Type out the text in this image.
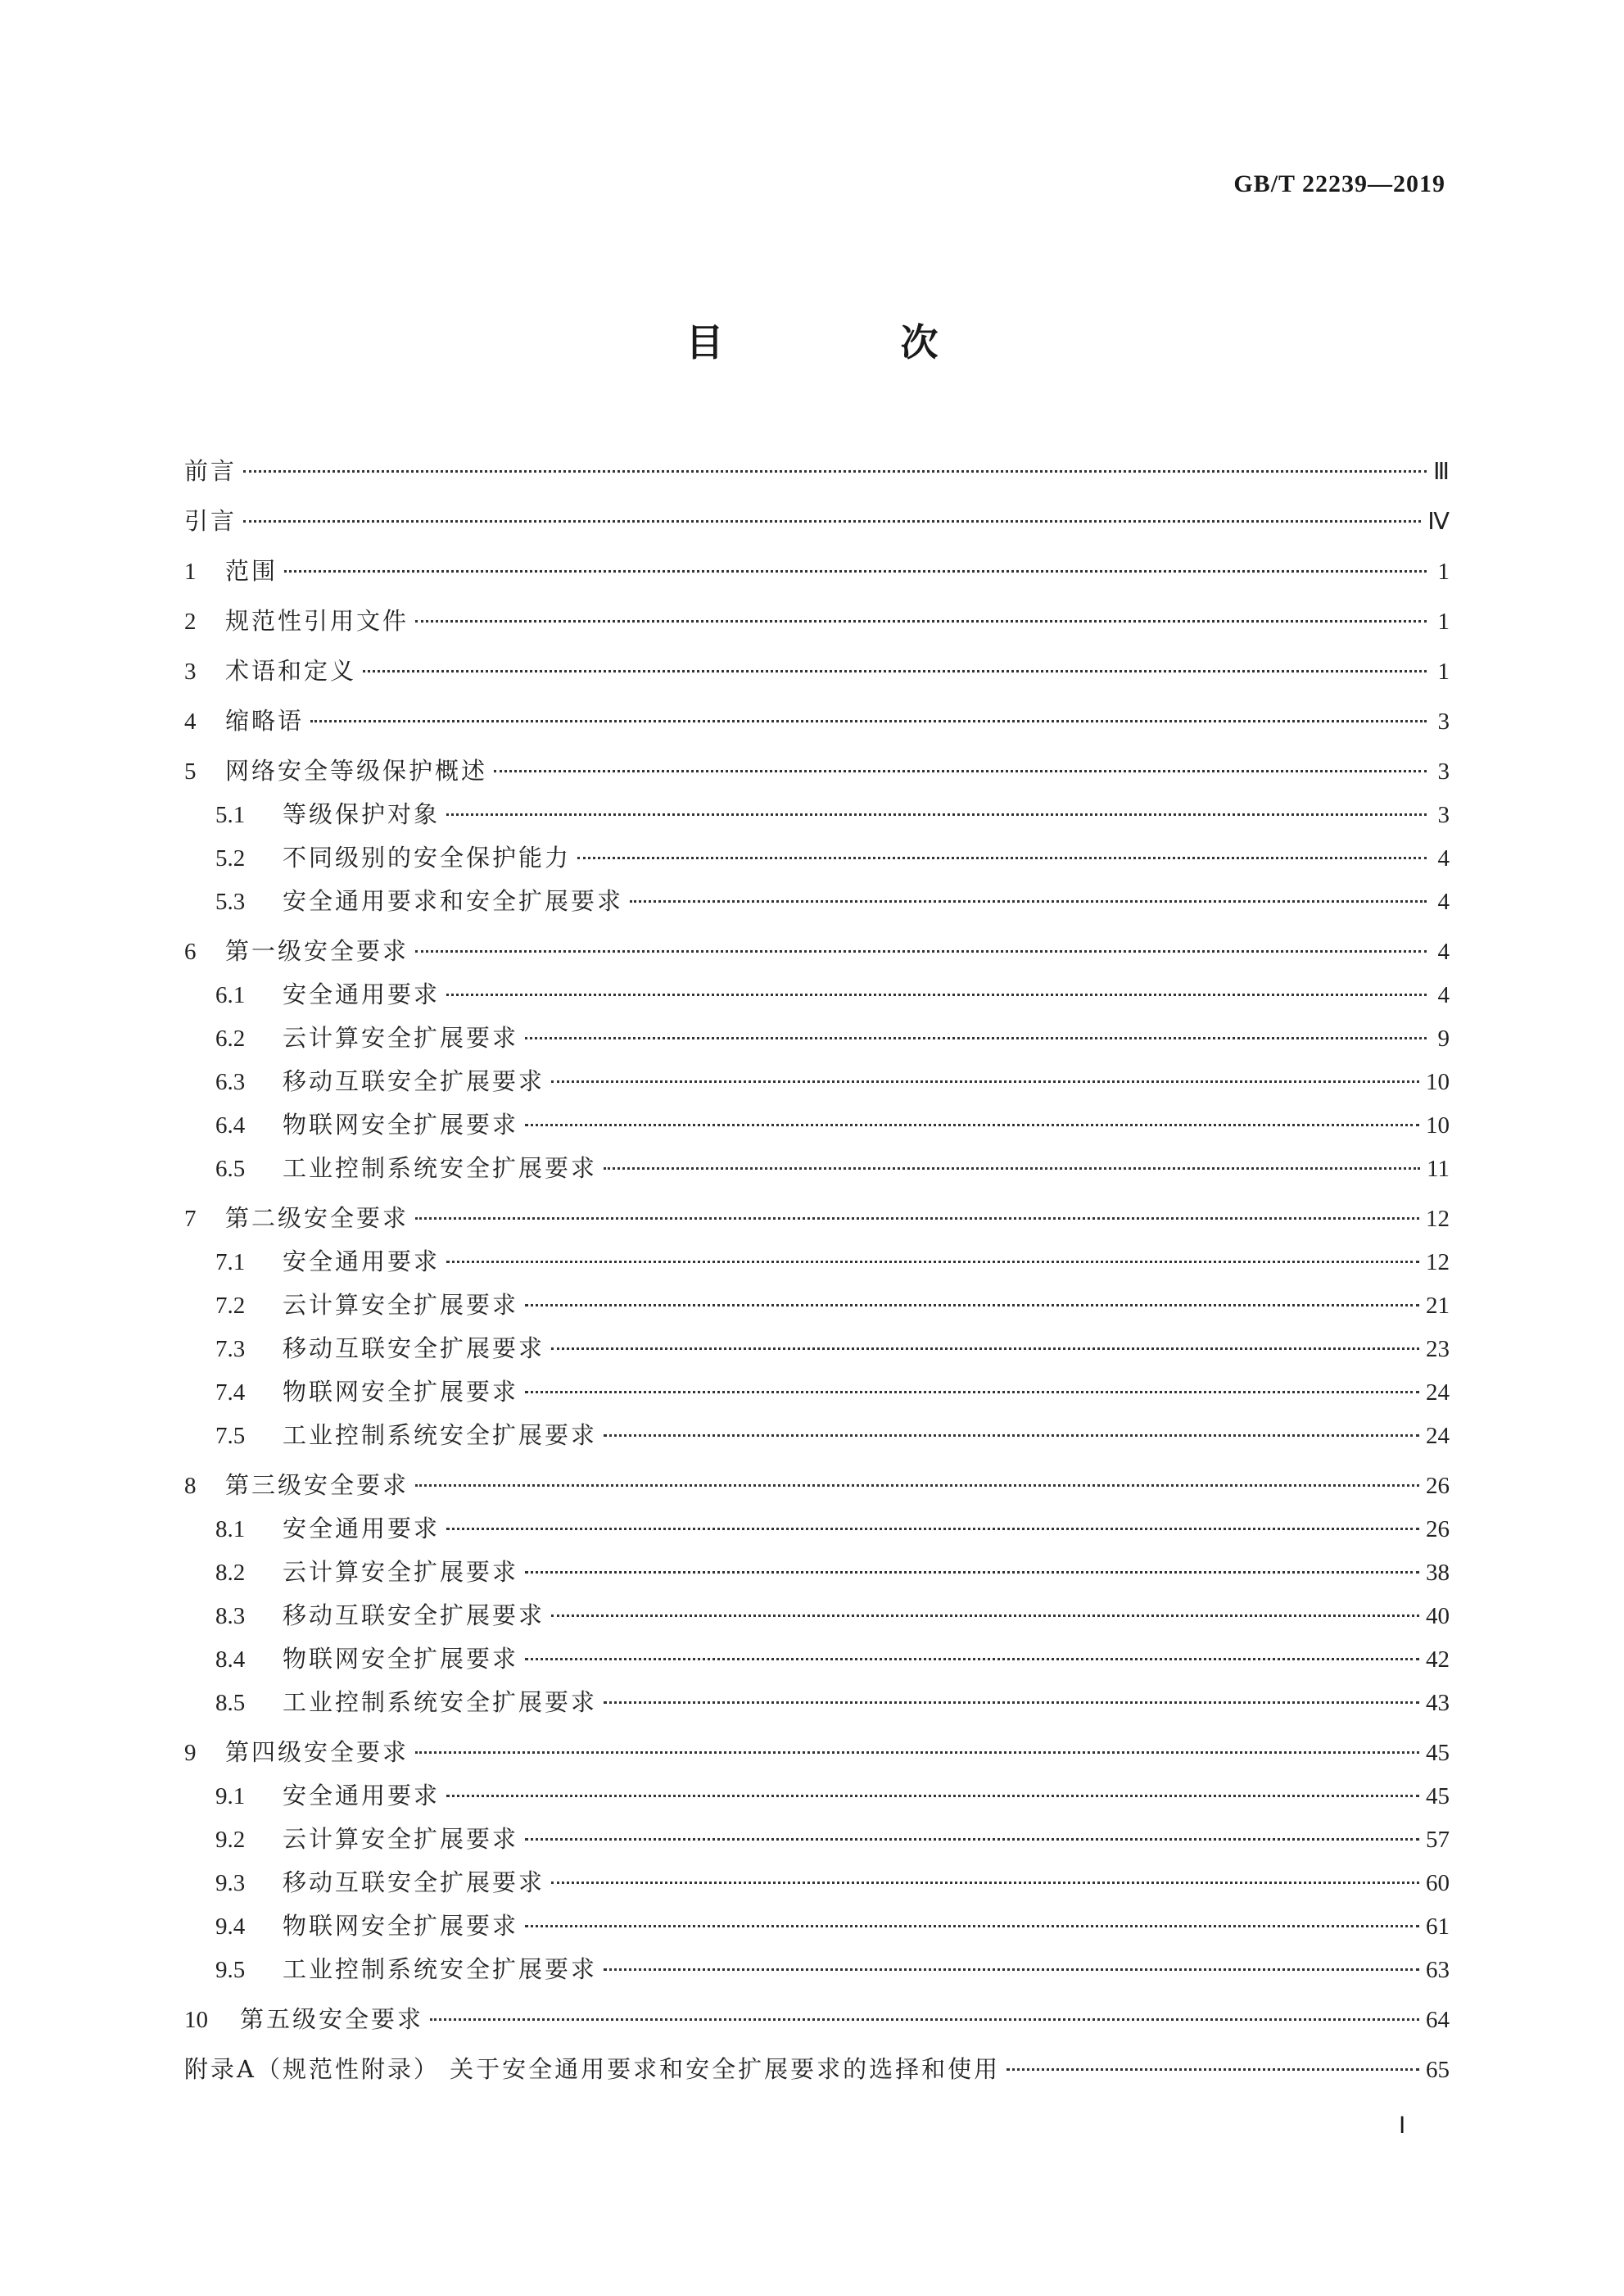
GB/T 22239—2019
目 次
前言	Ⅲ
引言	Ⅳ
1	范围	1
2	规范性引用文件	1
3	术语和定义	1
4	缩略语	3
5	网络安全等级保护概述	3
5.1	等级保护对象	3
5.2	不同级别的安全保护能力	4
5.3	安全通用要求和安全扩展要求	4
6	第一级安全要求	4
6.1	安全通用要求	4
6.2	云计算安全扩展要求	9
6.3	移动互联安全扩展要求	10
6.4	物联网安全扩展要求	10
6.5	工业控制系统安全扩展要求	11
7	第二级安全要求	12
7.1	安全通用要求	12
7.2	云计算安全扩展要求	21
7.3	移动互联安全扩展要求	23
7.4	物联网安全扩展要求	24
7.5	工业控制系统安全扩展要求	24
8	第三级安全要求	26
8.1	安全通用要求	26
8.2	云计算安全扩展要求	38
8.3	移动互联安全扩展要求	40
8.4	物联网安全扩展要求	42
8.5	工业控制系统安全扩展要求	43
9	第四级安全要求	45
9.1	安全通用要求	45
9.2	云计算安全扩展要求	57
9.3	移动互联安全扩展要求	60
9.4	物联网安全扩展要求	61
9.5	工业控制系统安全扩展要求	63
10	第五级安全要求	64
附录A（规范性附录） 关于安全通用要求和安全扩展要求的选择和使用	65
Ⅰ
